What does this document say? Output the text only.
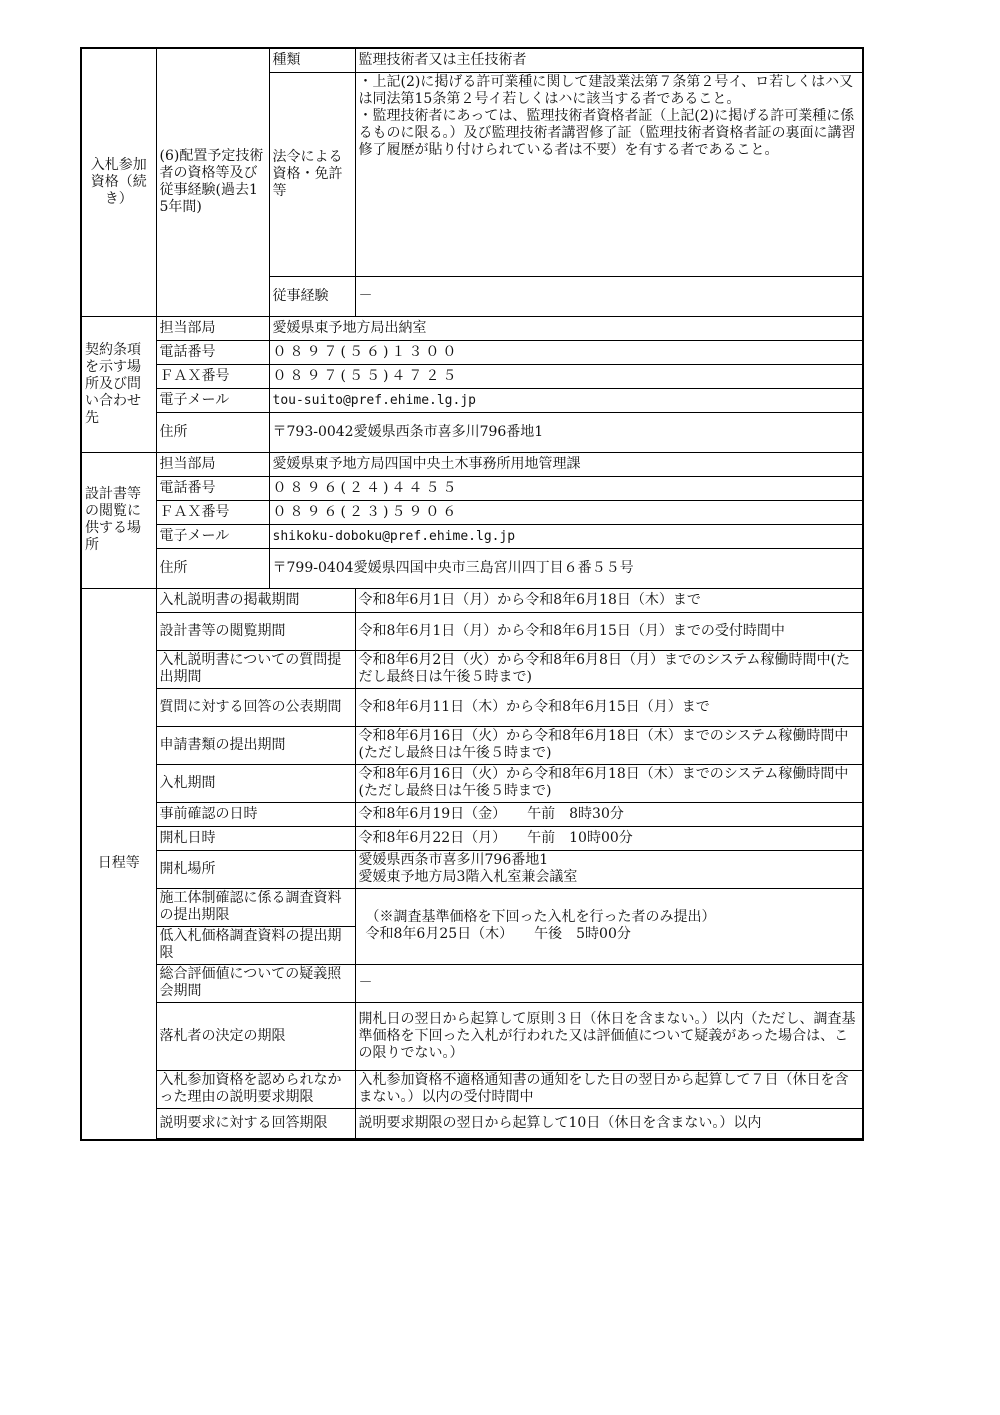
入札参加資格（続き）	(6)配置予定技術者の資格等及び従事経験(過去15年間)	種類	監理技術者又は主任技術者
		法令による資格・免許等	・上記(2)に掲げる許可業種に関して建設業法第７条第２号イ、ロ若しくはハ又は同法第15条第２号イ若しくはハに該当する者であること。
・監理技術者にあっては、監理技術者資格者証（上記(2)に掲げる許可業種に係るものに限る。）及び監理技術者講習修了証（監理技術者資格者証の裏面に講習修了履歴が貼り付けられている者は不要）を有する者であること。
		従事経験	－
契約条項を示す場所及び問い合わせ先	担当部局	愛媛県東予地方局出納室	
	電話番号	０８９７(５６)１３００	
	ＦＡＸ番号	０８９７(５５)４７２５	
	電子メール	tou-suito@pref.ehime.lg.jp	
	住所	〒793-0042愛媛県西条市喜多川796番地1	
設計書等の閲覧に供する場所	担当部局	愛媛県東予地方局四国中央土木事務所用地管理課	
	電話番号	０８９６(２４)４４５５	
	ＦＡＸ番号	０８９６(２３)５９０６	
	電子メール	shikoku-doboku@pref.ehime.lg.jp	
	住所	〒799-0404愛媛県四国中央市三島宮川四丁目６番５５号	
日程等	入札説明書の掲載期間		令和8年6月1日（月）から令和8年6月18日（木）まで
	設計書等の閲覧期間		令和8年6月1日（月）から令和8年6月15日（月）までの受付時間中
	入札説明書についての質問提出期間		令和8年6月2日（火）から令和8年6月8日（月）までのシステム稼働時間中(ただし最終日は午後５時まで)
	質問に対する回答の公表期間		令和8年6月11日（木）から令和8年6月15日（月）まで
	申請書類の提出期間		令和8年6月16日（火）から令和8年6月18日（木）までのシステム稼働時間中(ただし最終日は午後５時まで)
	入札期間		令和8年6月16日（火）から令和8年6月18日（木）までのシステム稼働時間中(ただし最終日は午後５時まで)
	事前確認の日時		令和8年6月19日（金）　　午前　8時30分
	開札日時		令和8年6月22日（月）　　午前　10時00分
	開札場所		愛媛県西条市喜多川796番地1
愛媛東予地方局3階入札室兼会議室
	施工体制確認に係る調査資料の提出期限		（※調査基準価格を下回った入札を行った者のみ提出）
令和8年6月25日（木）　　午後　5時00分
	低入札価格調査資料の提出期限		
	総合評価値についての疑義照会期間		－
	落札者の決定の期限		開札日の翌日から起算して原則３日（休日を含まない。）以内（ただし、調査基準価格を下回った入札が行われた又は評価値について疑義があった場合は、この限りでない。）
	入札参加資格を認められなかった理由の説明要求期限		入札参加資格不適格通知書の通知をした日の翌日から起算して７日（休日を含まない。）以内の受付時間中
	説明要求に対する回答期限		説明要求期限の翌日から起算して10日（休日を含まない。）以内
